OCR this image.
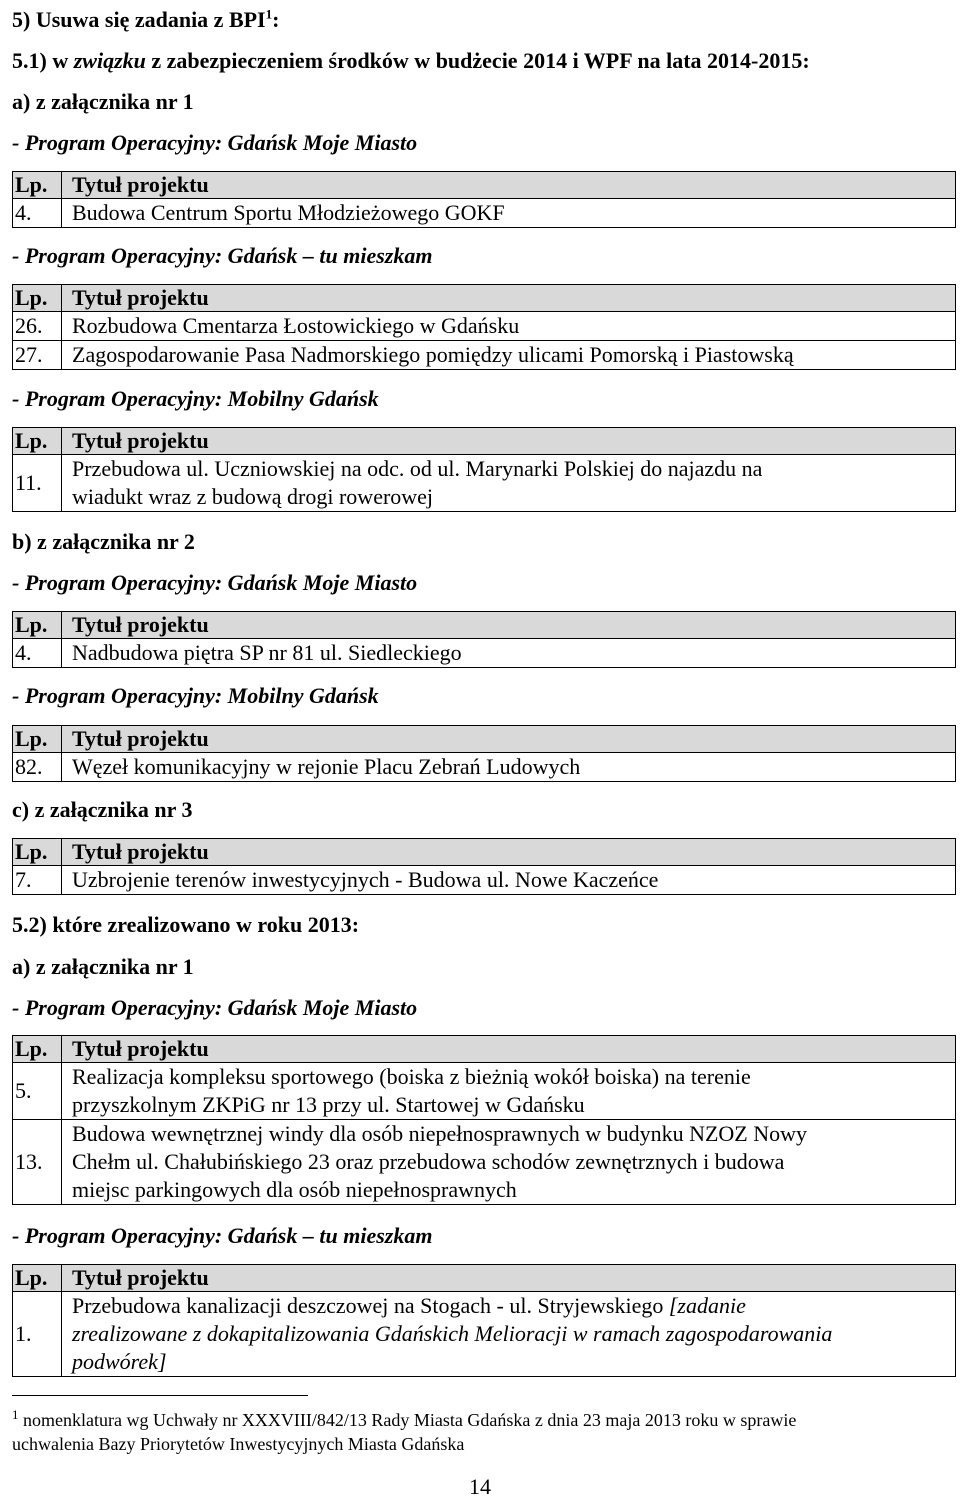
5) Usuwa się zadania z BPI$^1$:
5.1) w związku z zabezpieczeniem środków w budżecie 2014 i WPF na lata 2014-2015:
a) z załącznika nr 1
- Program Operacyjny: Gdańsk Moje Miasto
Lp.	Tytuł projektu
4.	Budowa Centrum Sportu Młodzieżowego GOKF
- Program Operacyjny: Gdańsk – tu mieszkam
Lp.	Tytuł projektu
26.	Rozbudowa Cmentarza Łostowickiego w Gdańsku
27.	Zagospodarowanie Pasa Nadmorskiego pomiędzy ulicami Pomorską i Piastowską
- Program Operacyjny: Mobilny Gdańsk
Lp.	Tytuł projektu
11.	Przebudowa ul. Uczniowskiej na odc. od ul. Marynarki Polskiej do najazdu na
wiadukt wraz z budową drogi rowerowej
b) z załącznika nr 2
- Program Operacyjny: Gdańsk Moje Miasto
Lp.	Tytuł projektu
4.	Nadbudowa piętra SP nr 81 ul. Siedleckiego
- Program Operacyjny: Mobilny Gdańsk
Lp.	Tytuł projektu
82.	Węzeł komunikacyjny w rejonie Placu Zebrań Ludowych
c) z załącznika nr 3
Lp.	Tytuł projektu
7.	Uzbrojenie terenów inwestycyjnych - Budowa ul. Nowe Kaczeńce
5.2) które zrealizowano w roku 2013:
a) z załącznika nr 1
- Program Operacyjny: Gdańsk Moje Miasto
Lp.	Tytuł projektu
5.	Realizacja kompleksu sportowego (boiska z bieżnią wokół boiska) na terenie
przyszkolnym ZKPiG nr 13 przy ul. Startowej w Gdańsku

13.	Budowa wewnętrznej windy dla osób niepełnosprawnych w budynku NZOZ Nowy
Chełm ul. Chałubińskiego 23 oraz przebudowa schodów zewnętrznych i budowa
miejsc parkingowych dla osób niepełnosprawnych
- Program Operacyjny: Gdańsk – tu mieszkam
Lp.	Tytuł projektu
1.	Przebudowa kanalizacji deszczowej na Stogach - ul. Stryjewskiego [zadanie
zrealizowane z dokapitalizowania Gdańskich Melioracji w ramach zagospodarowania
podwórek]
$^1$ nomenklatura wg Uchwały nr XXXVIII/842/13 Rady Miasta Gdańska z dnia 23 maja 2013 roku w sprawie
uchwalenia Bazy Priorytetów Inwestycyjnych Miasta Gdańska
14
